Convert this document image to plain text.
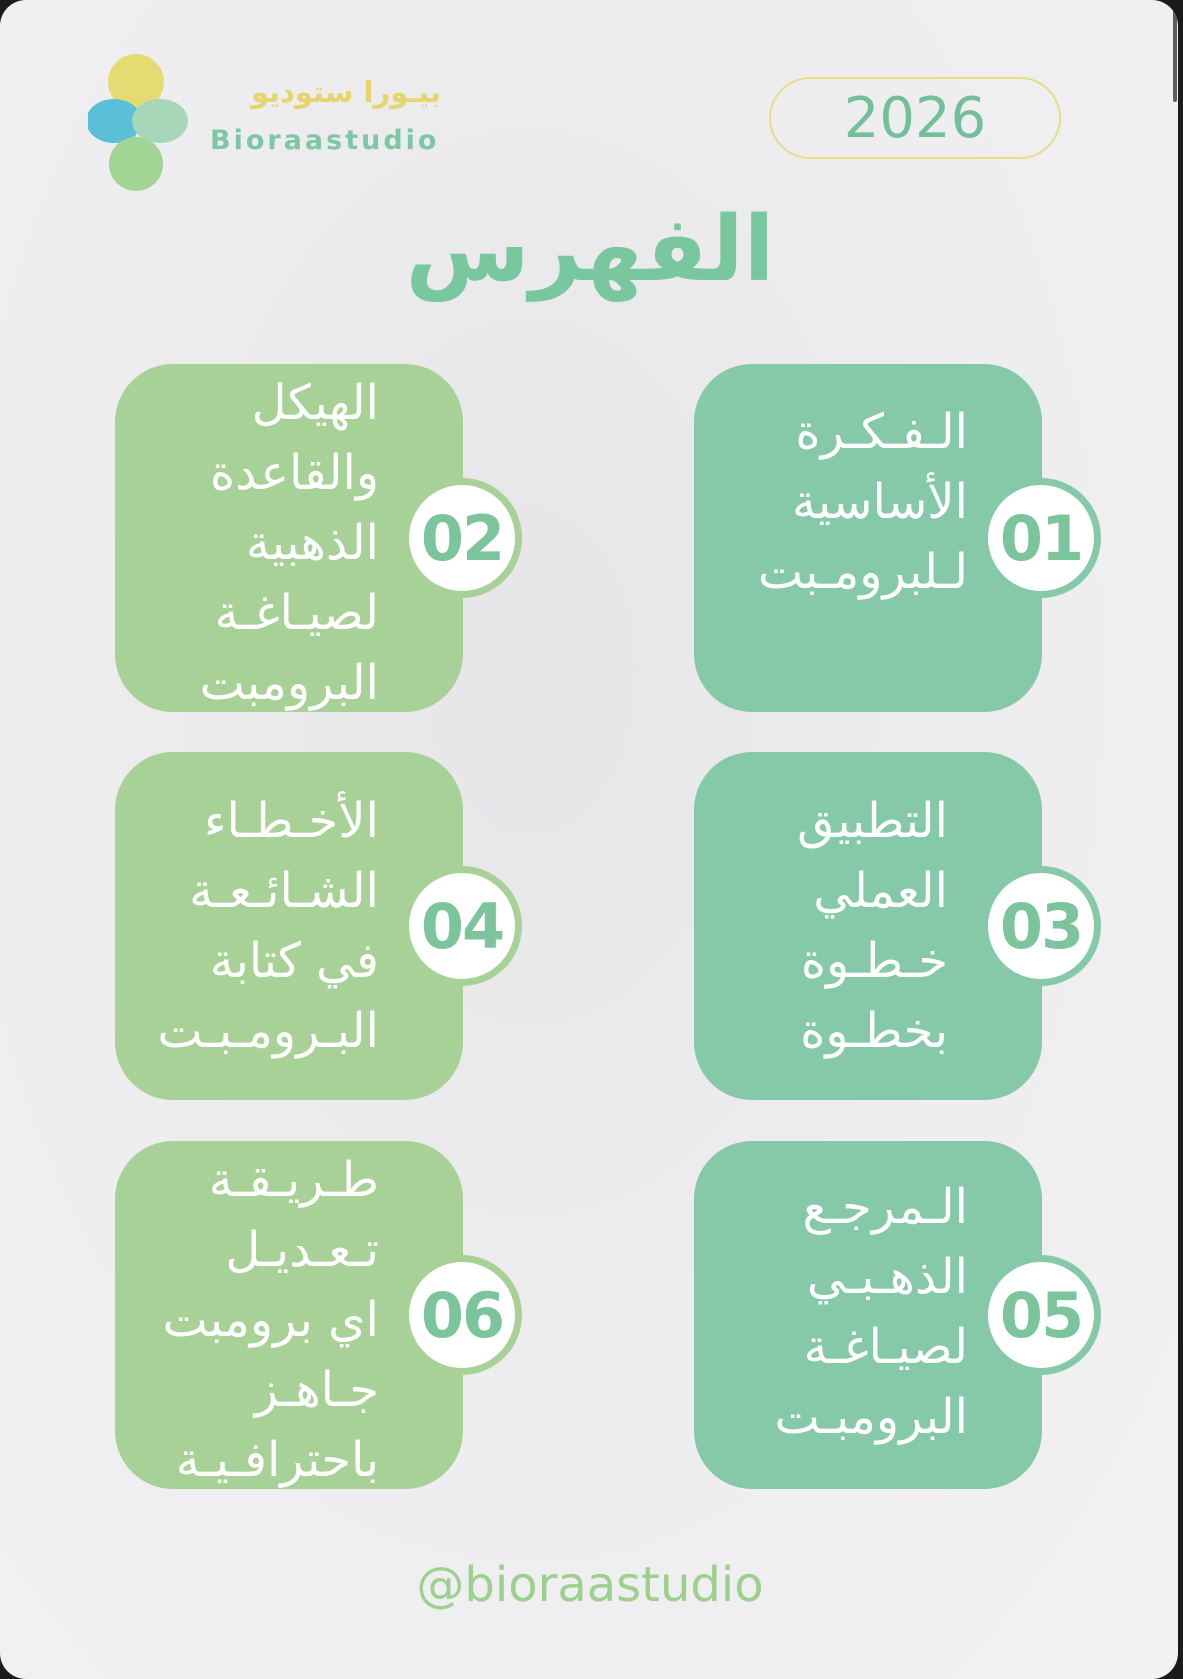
بيـورا ستوديو
Bioraastudio	2026
الفهرس
الـفـكـرة
الأساسية
لـلبرومـبت 01
الهيكل
والقاعدة
الذهبية
لصيـاغـة
البرومبت
02
التطبيق
العملي
خـطـوة
بخطـوة
03
الأخـطـاء
الشـائـعـة
في كتابة
البـرومـبـت
04
الـمرجـع
الذهـبـي
لصيـاغـة
البرومبـت
05
طـريـقـة
تـعـديـل
اي برومبت
جـاهـز
باحترافـيـة
06
@bioraastudio
